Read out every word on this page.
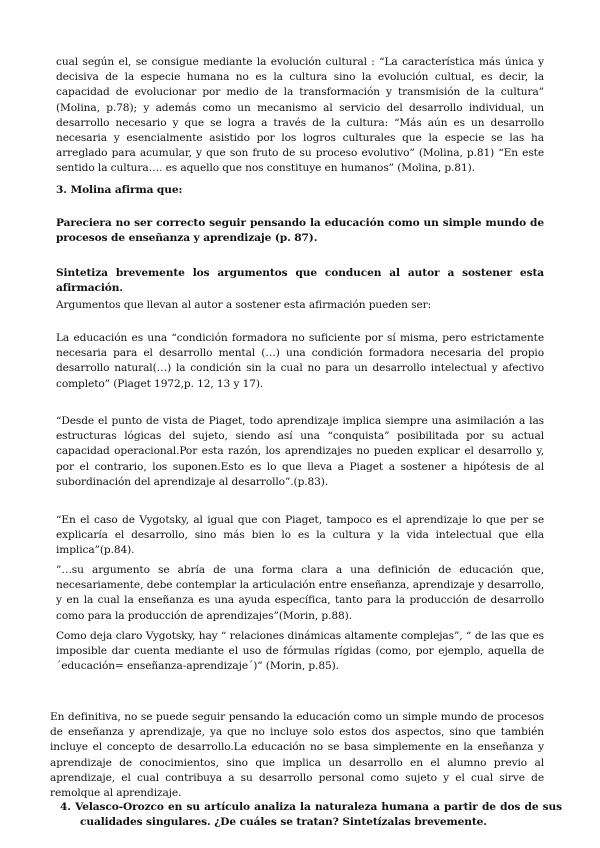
cual según el, se consigue mediante la evolución cultural : “La característica más única y decisiva de la especie humana no es la cultura sino la evolución cultual, es decir, la capacidad de evolucionar por medio de la transformación y transmisión de la cultura” (Molina, p.78); y además como un mecanismo al servicio del desarrollo individual, un desarrollo necesario y que se logra a través de la cultura: “Más aún es un desarrollo necesaria y esencialmente asistido por los logros culturales que la especie se las ha arreglado para acumular, y que son fruto de su proceso evolutivo” (Molina, p.81) “En este sentido la cultura…. es aquello que nos constituye en humanos” (Molina, p.81).

3. Molina afirma que:

Pareciera no ser correcto seguir pensando la educación como un simple mundo de procesos de enseñanza y aprendizaje (p. 87).

Sintetiza brevemente los argumentos que conducen al autor a sostener esta afirmación.

Argumentos que llevan al autor a sostener esta afirmación pueden ser:

La educación es una “condición formadora no suficiente por sí misma, pero estrictamente necesaria para el desarrollo mental (…) una condición formadora necesaria del propio desarrollo natural(…) la condición sin la cual no para un desarrollo intelectual y afectivo completo” (Piaget 1972,p. 12, 13 y 17).

“Desde el punto de vista de Piaget, todo aprendizaje implica siempre una asimilación a las estructuras lógicas del sujeto, siendo así una “conquista” posibilitada por su actual capacidad operacional.Por esta razón, los aprendizajes no pueden explicar el desarrollo y, por el contrario, los suponen.Esto es lo que lleva a Piaget a sostener a hipótesis de al subordinación del aprendizaje al desarrollo”.(p.83).

“En el caso de Vygotsky, al igual que con Piaget, tampoco es el aprendizaje lo que per se explicaría el desarrollo, sino más bien lo es la cultura y la vida intelectual que ella implica”(p.84).

”…su argumento se abría de una forma clara a una definición de educación que, necesariamente, debe contemplar la articulación entre enseñanza, aprendizaje y desarrollo, y en la cual la enseñanza es una ayuda específica, tanto para la producción de desarrollo como para la producción de aprendizajes”(Morin, p.88).

Como deja claro Vygotsky, hay “ relaciones dinámicas altamente complejas”, “ de las que es imposible dar cuenta mediante el uso de fórmulas rígidas (como, por ejemplo, aquella de ´educación= enseñanza-aprendizaje´)” (Morin, p.85).

En definitiva, no se puede seguir pensando la educación como un simple mundo de procesos de enseñanza y aprendizaje, ya que no incluye solo estos dos aspectos, sino que también incluye el concepto de desarrollo.La educación no se basa simplemente en la enseñanza y aprendizaje de conocimientos, sino que implica un desarrollo en el alumno previo al aprendizaje, el cual contribuya a su desarrollo personal como sujeto y el cual sirve de remolque al aprendizaje.

4. Velasco-Orozco en su artículo analiza la naturaleza humana a partir de dos de sus cualidades singulares. ¿De cuáles se tratan? Sintetízalas brevemente.
